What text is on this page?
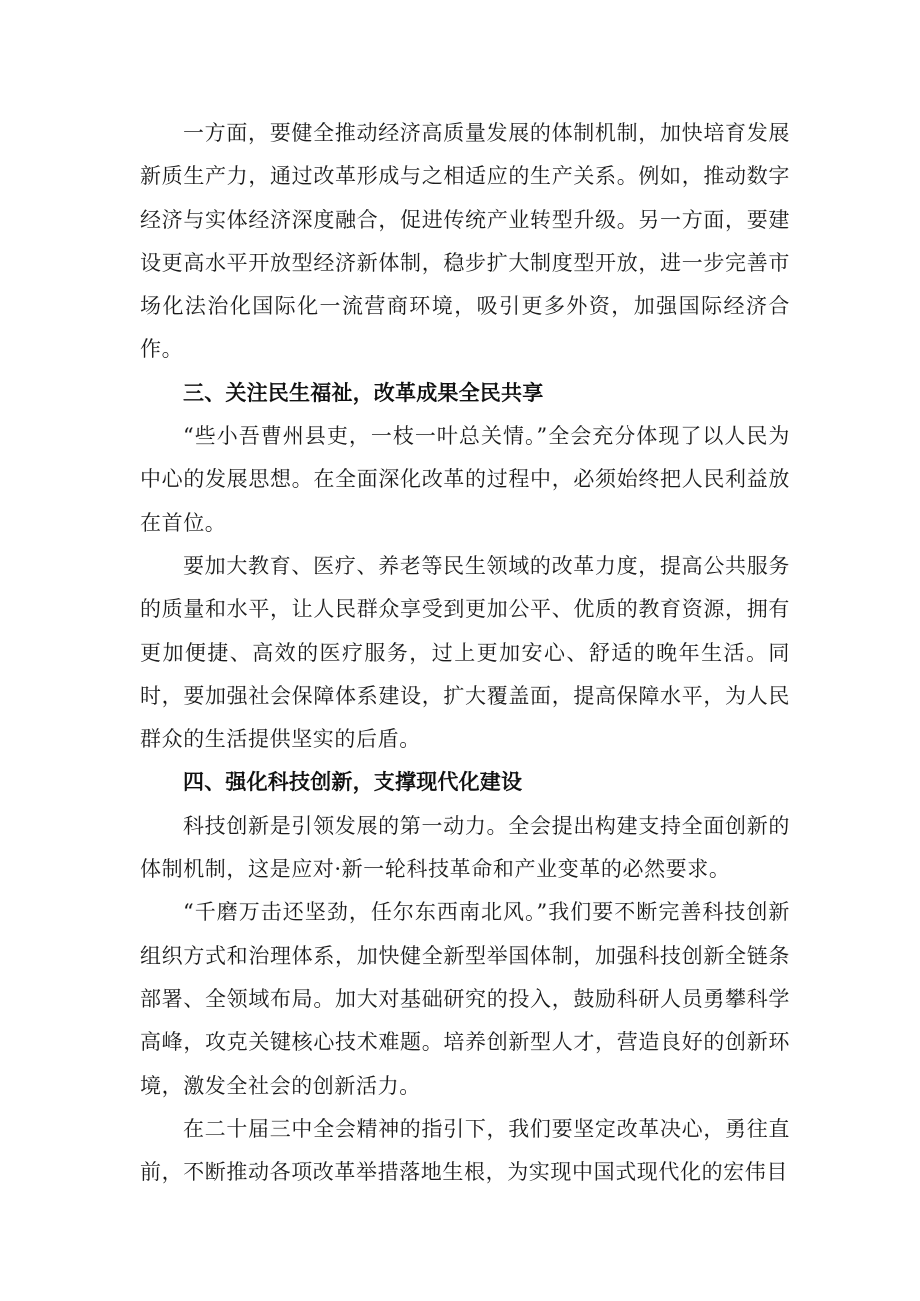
一方面，要健全推动经济高质量发展的体制机制，加快培育发展新质生产力，通过改革形成与之相适应的生产关系。例如，推动数字经济与实体经济深度融合，促进传统产业转型升级。另一方面，要建设更高水平开放型经济新体制，稳步扩大制度型开放，进一步完善市场化法治化国际化一流营商环境，吸引更多外资，加强国际经济合作。

三、关注民生福祉，改革成果全民共享

“些小吾曹州县吏，一枝一叶总关情。”全会充分体现了以人民为中心的发展思想。在全面深化改革的过程中，必须始终把人民利益放在首位。

要加大教育、医疗、养老等民生领域的改革力度，提高公共服务的质量和水平，让人民群众享受到更加公平、优质的教育资源，拥有更加便捷、高效的医疗服务，过上更加安心、舒适的晚年生活。同时，要加强社会保障体系建设，扩大覆盖面，提高保障水平，为人民群众的生活提供坚实的后盾。

四、强化科技创新，支撑现代化建设

科技创新是引领发展的第一动力。全会提出构建支持全面创新的体制机制，这是应对·新一轮科技革命和产业变革的必然要求。

“千磨万击还坚劲，任尔东西南北风。”我们要不断完善科技创新组织方式和治理体系，加快健全新型举国体制，加强科技创新全链条部署、全领域布局。加大对基础研究的投入，鼓励科研人员勇攀科学高峰，攻克关键核心技术难题。培养创新型人才，营造良好的创新环境，激发全社会的创新活力。

在二十届三中全会精神的指引下，我们要坚定改革决心，勇往直前，不断推动各项改革举措落地生根，为实现中国式现代化的宏伟目
